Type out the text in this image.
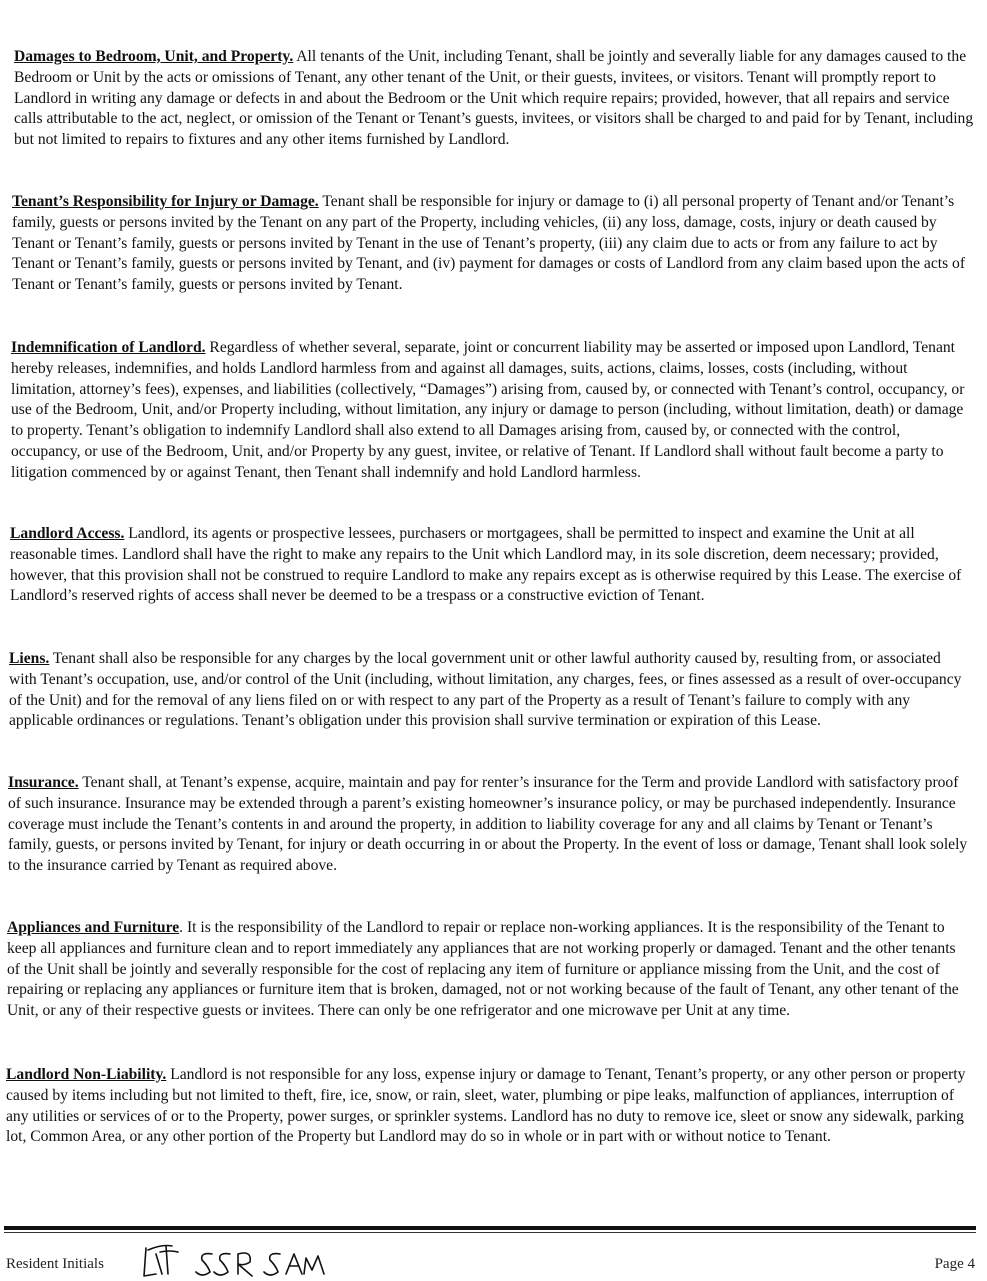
Damages to Bedroom, Unit, and Property. All tenants of the Unit, including Tenant, shall be jointly and severally liable for any damages caused to the Bedroom or Unit by the acts or omissions of Tenant, any other tenant of the Unit, or their guests, invitees, or visitors. Tenant will promptly report to Landlord in writing any damage or defects in and about the Bedroom or the Unit which require repairs; provided, however, that all repairs and service calls attributable to the act, neglect, or omission of the Tenant or Tenant’s guests, invitees, or visitors shall be charged to and paid for by Tenant, including but not limited to repairs to fixtures and any other items furnished by Landlord.
Tenant’s Responsibility for Injury or Damage. Tenant shall be responsible for injury or damage to (i) all personal property of Tenant and/or Tenant’s family, guests or persons invited by the Tenant on any part of the Property, including vehicles, (ii) any loss, damage, costs, injury or death caused by Tenant or Tenant’s family, guests or persons invited by Tenant in the use of Tenant’s property, (iii) any claim due to acts or from any failure to act by Tenant or Tenant’s family, guests or persons invited by Tenant, and (iv) payment for damages or costs of Landlord from any claim based upon the acts of Tenant or Tenant’s family, guests or persons invited by Tenant.
Indemnification of Landlord. Regardless of whether several, separate, joint or concurrent liability may be asserted or imposed upon Landlord, Tenant hereby releases, indemnifies, and holds Landlord harmless from and against all damages, suits, actions, claims, losses, costs (including, without limitation, attorney’s fees), expenses, and liabilities (collectively, “Damages”) arising from, caused by, or connected with Tenant’s control, occupancy, or use of the Bedroom, Unit, and/or Property including, without limitation, any injury or damage to person (including, without limitation, death) or damage to property. Tenant’s obligation to indemnify Landlord shall also extend to all Damages arising from, caused by, or connected with the control, occupancy, or use of the Bedroom, Unit, and/or Property by any guest, invitee, or relative of Tenant. If Landlord shall without fault become a party to litigation commenced by or against Tenant, then Tenant shall indemnify and hold Landlord harmless.
Landlord Access. Landlord, its agents or prospective lessees, purchasers or mortgagees, shall be permitted to inspect and examine the Unit at all reasonable times. Landlord shall have the right to make any repairs to the Unit which Landlord may, in its sole discretion, deem necessary; provided, however, that this provision shall not be construed to require Landlord to make any repairs except as is otherwise required by this Lease. The exercise of Landlord’s reserved rights of access shall never be deemed to be a trespass or a constructive eviction of Tenant.
Liens. Tenant shall also be responsible for any charges by the local government unit or other lawful authority caused by, resulting from, or associated with Tenant’s occupation, use, and/or control of the Unit (including, without limitation, any charges, fees, or fines assessed as a result of over-occupancy of the Unit) and for the removal of any liens filed on or with respect to any part of the Property as a result of Tenant’s failure to comply with any applicable ordinances or regulations. Tenant’s obligation under this provision shall survive termination or expiration of this Lease.
Insurance. Tenant shall, at Tenant’s expense, acquire, maintain and pay for renter’s insurance for the Term and provide Landlord with satisfactory proof of such insurance. Insurance may be extended through a parent’s existing homeowner’s insurance policy, or may be purchased independently. Insurance coverage must include the Tenant’s contents in and around the property, in addition to liability coverage for any and all claims by Tenant or Tenant’s family, guests, or persons invited by Tenant, for injury or death occurring in or about the Property. In the event of loss or damage, Tenant shall look solely to the insurance carried by Tenant as required above.
Appliances and Furniture. It is the responsibility of the Landlord to repair or replace non-working appliances. It is the responsibility of the Tenant to keep all appliances and furniture clean and to report immediately any appliances that are not working properly or damaged. Tenant and the other tenants of the Unit shall be jointly and severally responsible for the cost of replacing any item of furniture or appliance missing from the Unit, and the cost of repairing or replacing any appliances or furniture item that is broken, damaged, not or not working because of the fault of Tenant, any other tenant of the Unit, or any of their respective guests or invitees. There can only be one refrigerator and one microwave per Unit at any time.
Landlord Non-Liability. Landlord is not responsible for any loss, expense injury or damage to Tenant, Tenant’s property, or any other person or property caused by items including but not limited to theft, fire, ice, snow, or rain, sleet, water, plumbing or pipe leaks, malfunction of appliances, interruption of any utilities or services of or to the Property, power surges, or sprinkler systems. Landlord has no duty to remove ice, sleet or snow any sidewalk, parking lot, Common Area, or any other portion of the Property but Landlord may do so in whole or in part with or without notice to Tenant.
Resident Initials	Page 4
